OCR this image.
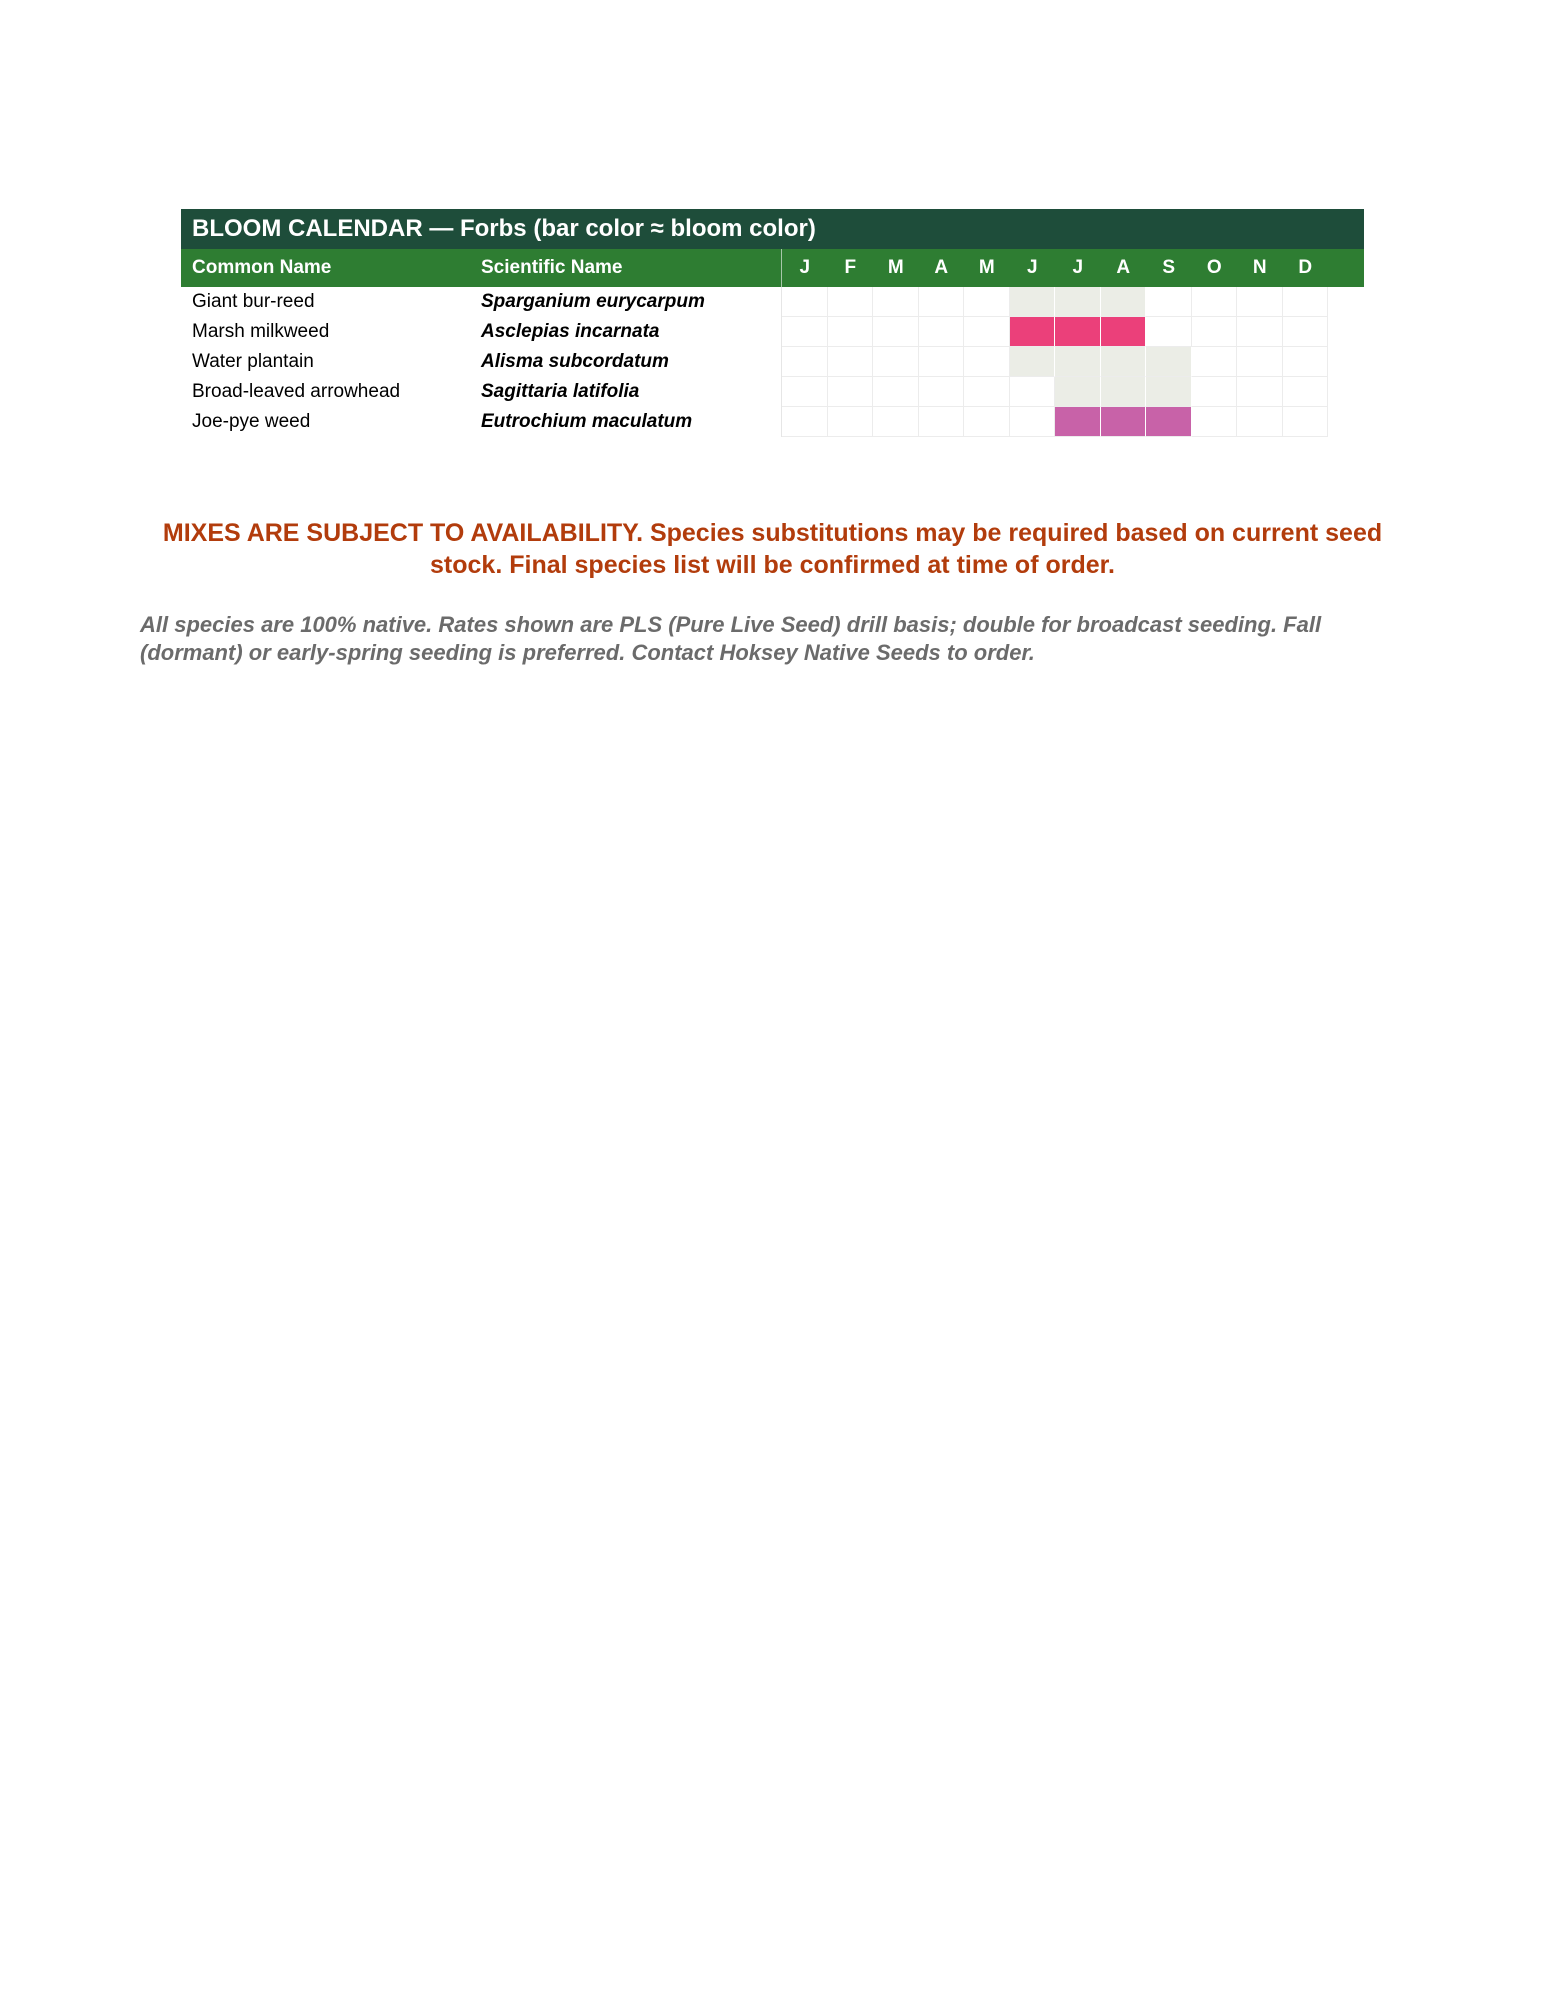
BLOOM CALENDAR — Forbs (bar color ≈ bloom color)
Common Name	Scientific Name	J	F	M	A	M	J	J	A	S	O	N	D
Giant bur-reed	Sparganium eurycarpum
Marsh milkweed	Asclepias incarnata
Water plantain	Alisma subcordatum
Broad-leaved arrowhead	Sagittaria latifolia
Joe-pye weed	Eutrochium maculatum
MIXES ARE SUBJECT TO AVAILABILITY. Species substitutions may be required based on current seed stock. Final species list will be confirmed at time of order.
All species are 100% native. Rates shown are PLS (Pure Live Seed) drill basis; double for broadcast seeding. Fall (dormant) or early-spring seeding is preferred. Contact Hoksey Native Seeds to order.
